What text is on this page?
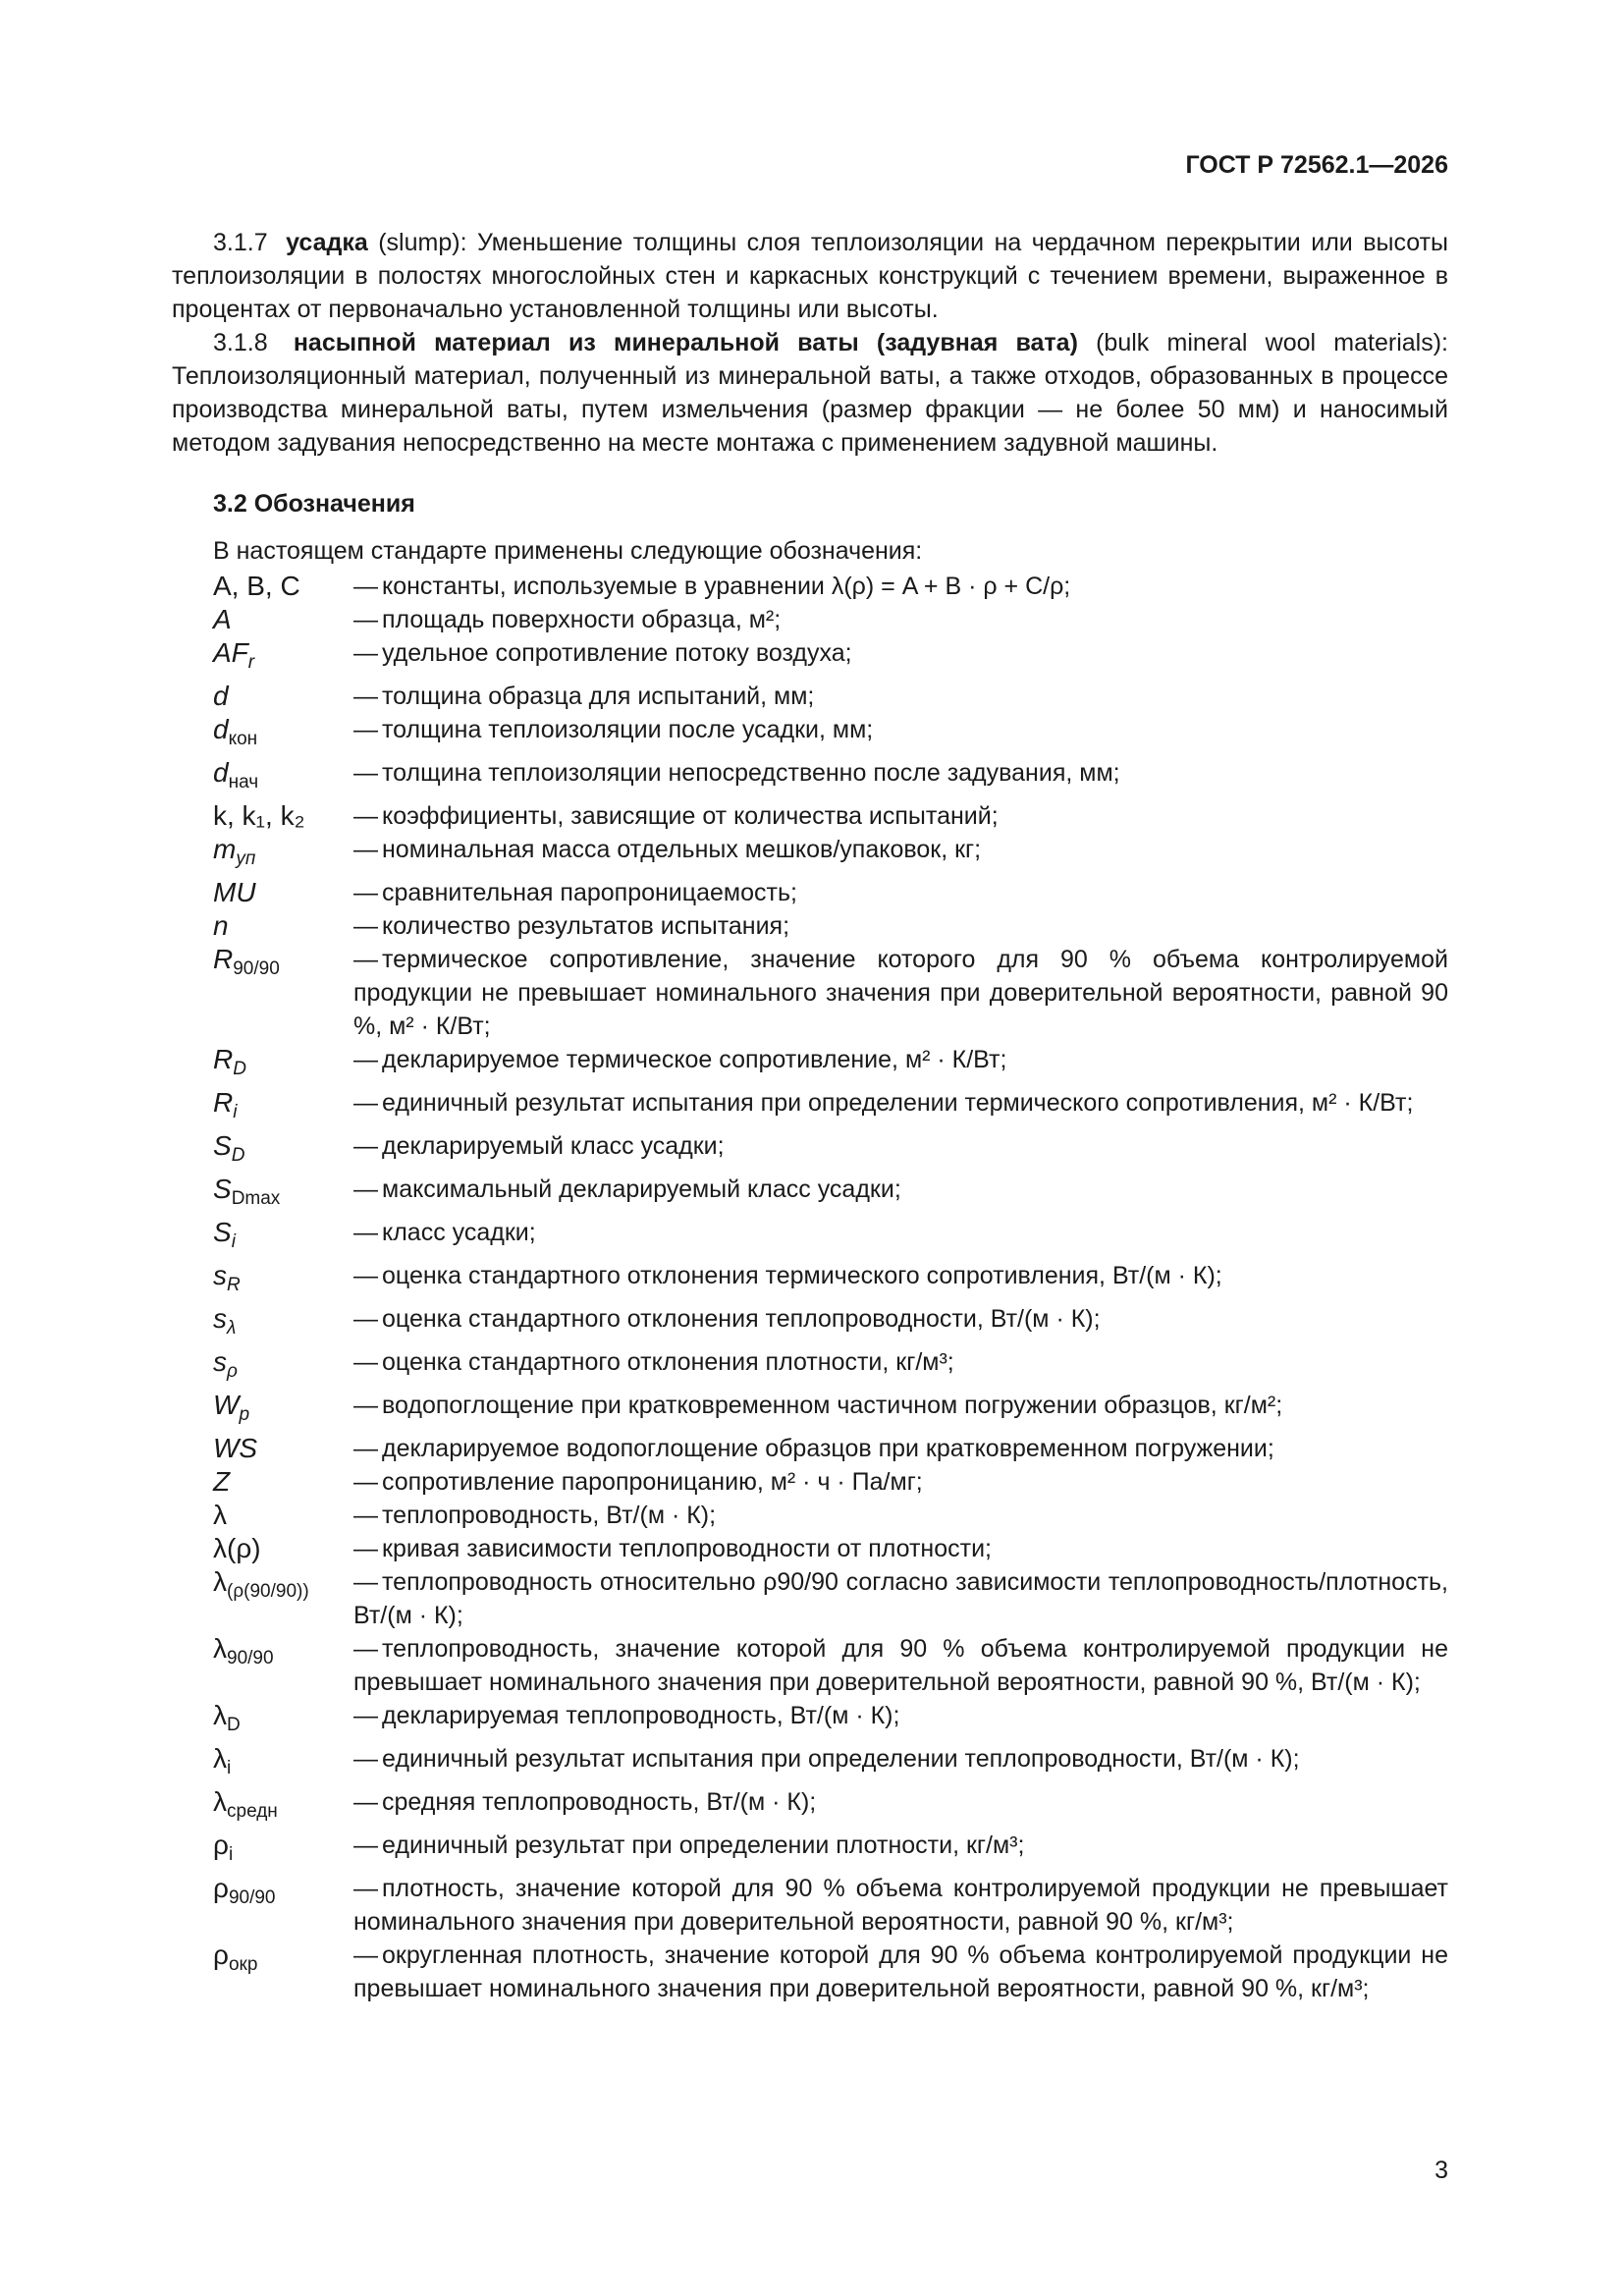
ГОСТ Р 72562.1—2026

3.1.7 усадка (slump): Уменьшение толщины слоя теплоизоляции на чердачном перекрытии или высоты теплоизоляции в полостях многослойных стен и каркасных конструкций с течением времени, выраженное в процентах от первоначально установленной толщины или высоты.

3.1.8 насыпной материал из минеральной ваты (задувная вата) (bulk mineral wool materials): Теплоизоляционный материал, полученный из минеральной ваты, а также отходов, образованных в процессе производства минеральной ваты, путем измельчения (размер фракции — не более 50 мм) и наносимый методом задувания непосредственно на месте монтажа с применением задувной машины.

3.2 Обозначения
В настоящем стандарте применены следующие обозначения:
A, B, C	— константы, используемые в уравнении λ(ρ) = A + B · ρ + C/ρ;
A	— площадь поверхности образца, м²;
$AF_r$	— удельное сопротивление потоку воздуха;
d	— толщина образца для испытаний, мм;
$d_{кон}$	— толщина теплоизоляции после усадки, мм;
$d_{нач}$	— толщина теплоизоляции непосредственно после задувания, мм;
k, k₁, k₂	— коэффициенты, зависящие от количества испытаний;
$m_{уп}$	— номинальная масса отдельных мешков/упаковок, кг;
MU	— сравнительная паропроницаемость;
n	— количество результатов испытания;
$R_{90/90}$	— термическое сопротивление, значение которого для 90 % объема контролируемой продукции не превышает номинального значения при доверительной вероятности, равной 90 %, м² · К/Вт;
$R_D$	— декларируемое термическое сопротивление, м² · К/Вт;
$R_i$	— единичный результат испытания при определении термического сопротивления, м² · К/Вт;
$S_D$	— декларируемый класс усадки;
$S_{Dmax}$	— максимальный декларируемый класс усадки;
$S_i$	— класс усадки;
$s_R$	— оценка стандартного отклонения термического сопротивления, Вт/(м · К);
$s_\lambda$	— оценка стандартного отклонения теплопроводности, Вт/(м · К);
$s_\rho$	— оценка стандартного отклонения плотности, кг/м³;
$W_p$	— водопоглощение при кратковременном частичном погружении образцов, кг/м²;
WS	— декларируемое водопоглощение образцов при кратковременном погружении;
Z	— сопротивление паропроницанию, м² · ч · Па/мг;
λ	— теплопроводность, Вт/(м · К);
λ(ρ)	— кривая зависимости теплопроводности от плотности;
$\lambda_{(\rho(90/90))}$	— теплопроводность относительно ρ90/90 согласно зависимости теплопроводность/плотность, Вт/(м · К);
$\lambda_{90/90}$	— теплопроводность, значение которой для 90 % объема контролируемой продукции не превышает номинального значения при доверительной вероятности, равной 90 %, Вт/(м · К);
$\lambda_D$	— декларируемая теплопроводность, Вт/(м · К);
$\lambda_i$	— единичный результат испытания при определении теплопроводности, Вт/(м · К);
$\lambda_{средн}$	— средняя теплопроводность, Вт/(м · К);
$\rho_i$	— единичный результат при определении плотности, кг/м³;
$\rho_{90/90}$	— плотность, значение которой для 90 % объема контролируемой продукции не превышает номинального значения при доверительной вероятности, равной 90 %, кг/м³;
$\rho_{окр}$	— округленная плотность, значение которой для 90 % объема контролируемой продукции не превышает номинального значения при доверительной вероятности, равной 90 %, кг/м³;
3
